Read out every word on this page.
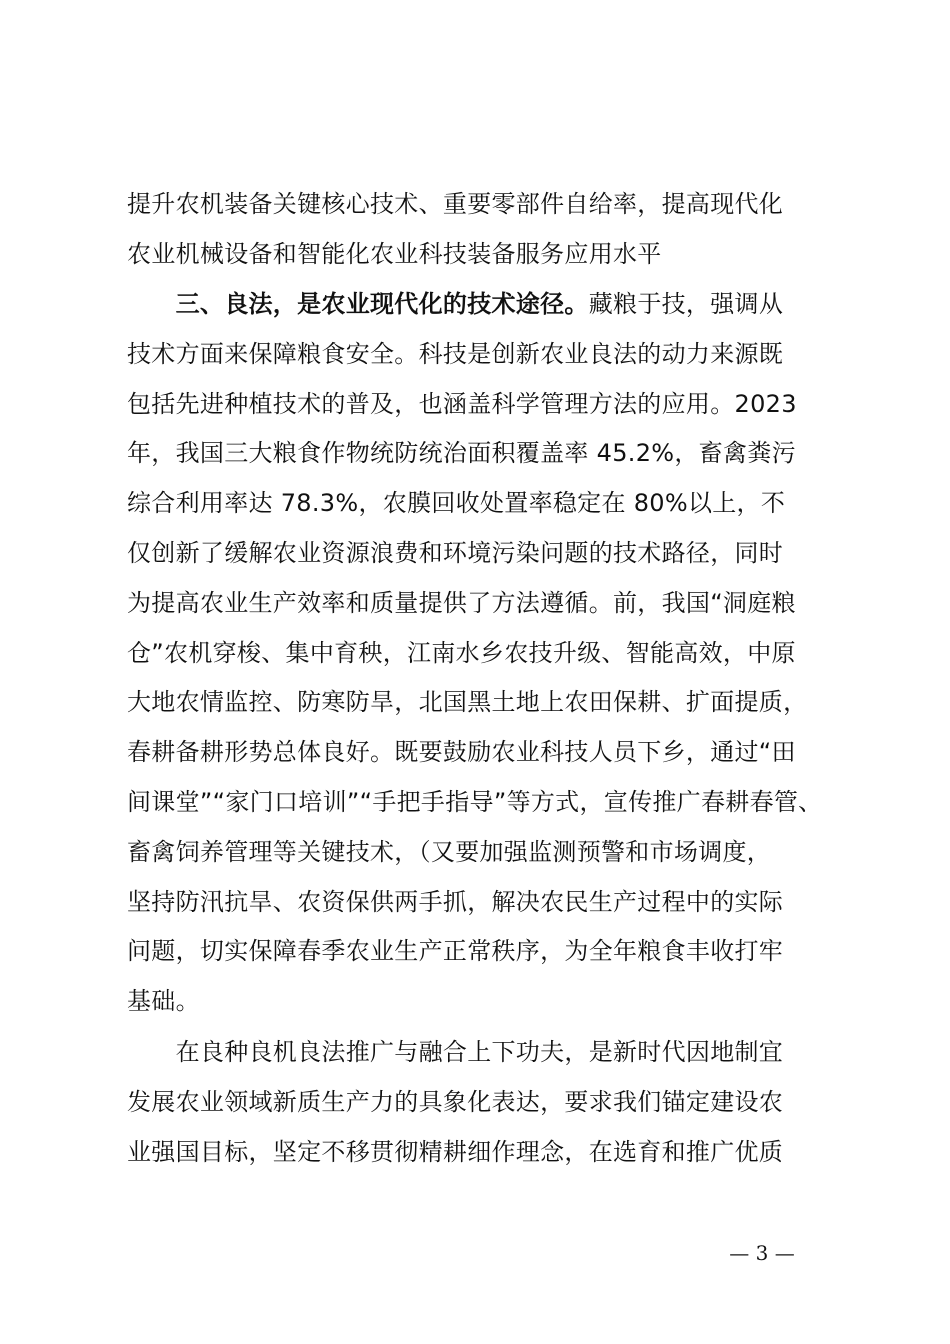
提升农机装备关键核心技术、重要零部件自给率，提高现代化
农业机械设备和智能化农业科技装备服务应用水平
　　三、良法，是农业现代化的技术途径。藏粮于技，强调从
技术方面来保障粮食安全。科技是创新农业良法的动力来源既
包括先进种植技术的普及，也涵盖科学管理方法的应用。2023
年，我国三大粮食作物统防统治面积覆盖率 45.2%，畜禽粪污
综合利用率达 78.3%，农膜回收处置率稳定在 80%以上，不
仅创新了缓解农业资源浪费和环境污染问题的技术路径，同时
为提高农业生产效率和质量提供了方法遵循。前，我国“洞庭粮
仓”农机穿梭、集中育秧，江南水乡农技升级、智能高效，中原
大地农情监控、防寒防旱，北国黑土地上农田保耕、扩面提质，
春耕备耕形势总体良好。既要鼓励农业科技人员下乡，通过“田
间课堂”“家门口培训”“手把手指导”等方式，宣传推广春耕春管、
畜禽饲养管理等关键技术，（又要加强监测预警和市场调度，
坚持防汛抗旱、农资保供两手抓，解决农民生产过程中的实际
问题，切实保障春季农业生产正常秩序，为全年粮食丰收打牢
基础。
　　在良种良机良法推广与融合上下功夫，是新时代因地制宜
发展农业领域新质生产力的具象化表达，要求我们锚定建设农
业强国目标，坚定不移贯彻精耕细作理念，在选育和推广优质
— 3 —
